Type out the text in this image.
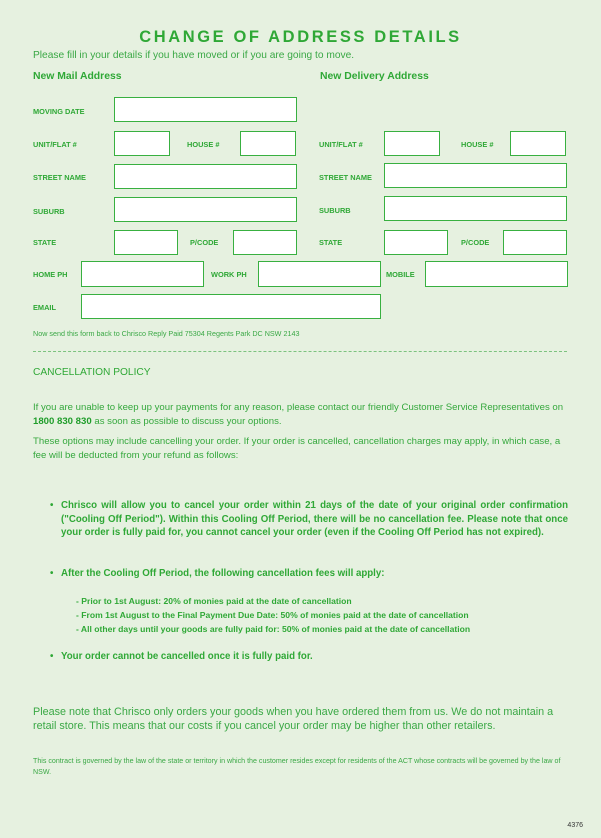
CHANGE OF ADDRESS DETAILS
Please fill in your details if you have moved or if you are going to move.
New Mail Address	New Delivery Address
MOVING DATE
UNIT/FLAT #	HOUSE #	UNIT/FLAT #	HOUSE #
STREET NAME	STREET NAME
SUBURB	SUBURB
STATE	P/CODE	STATE	P/CODE
HOME PH	WORK PH	MOBILE
EMAIL
Now send this form back to Chrisco Reply Paid 75304 Regents Park DC NSW 2143
CANCELLATION POLICY
If you are unable to keep up your payments for any reason, please contact our friendly Customer Service Representatives on 1800 830 830 as soon as possible to discuss your options.
These options may include cancelling your order. If your order is cancelled, cancellation charges may apply, in which case, a fee will be deducted from your refund as follows:
• Chrisco will allow you to cancel your order within 21 days of the date of your original order confirmation ("Cooling Off Period"). Within this Cooling Off Period, there will be no cancellation fee. Please note that once your order is fully paid for, you cannot cancel your order (even if the Cooling Off Period has not expired).
• After the Cooling Off Period, the following cancellation fees will apply:
- Prior to 1st August: 20% of monies paid at the date of cancellation
- From 1st August to the Final Payment Due Date: 50% of monies paid at the date of cancellation
- All other days until your goods are fully paid for: 50% of monies paid at the date of cancellation
• Your order cannot be cancelled once it is fully paid for.
Please note that Chrisco only orders your goods when you have ordered them from us. We do not maintain a retail store. This means that our costs if you cancel your order may be higher than other retailers.
This contract is governed by the law of the state or territory in which the customer resides except for residents of the ACT whose contracts will be governed by the law of NSW.
4376
